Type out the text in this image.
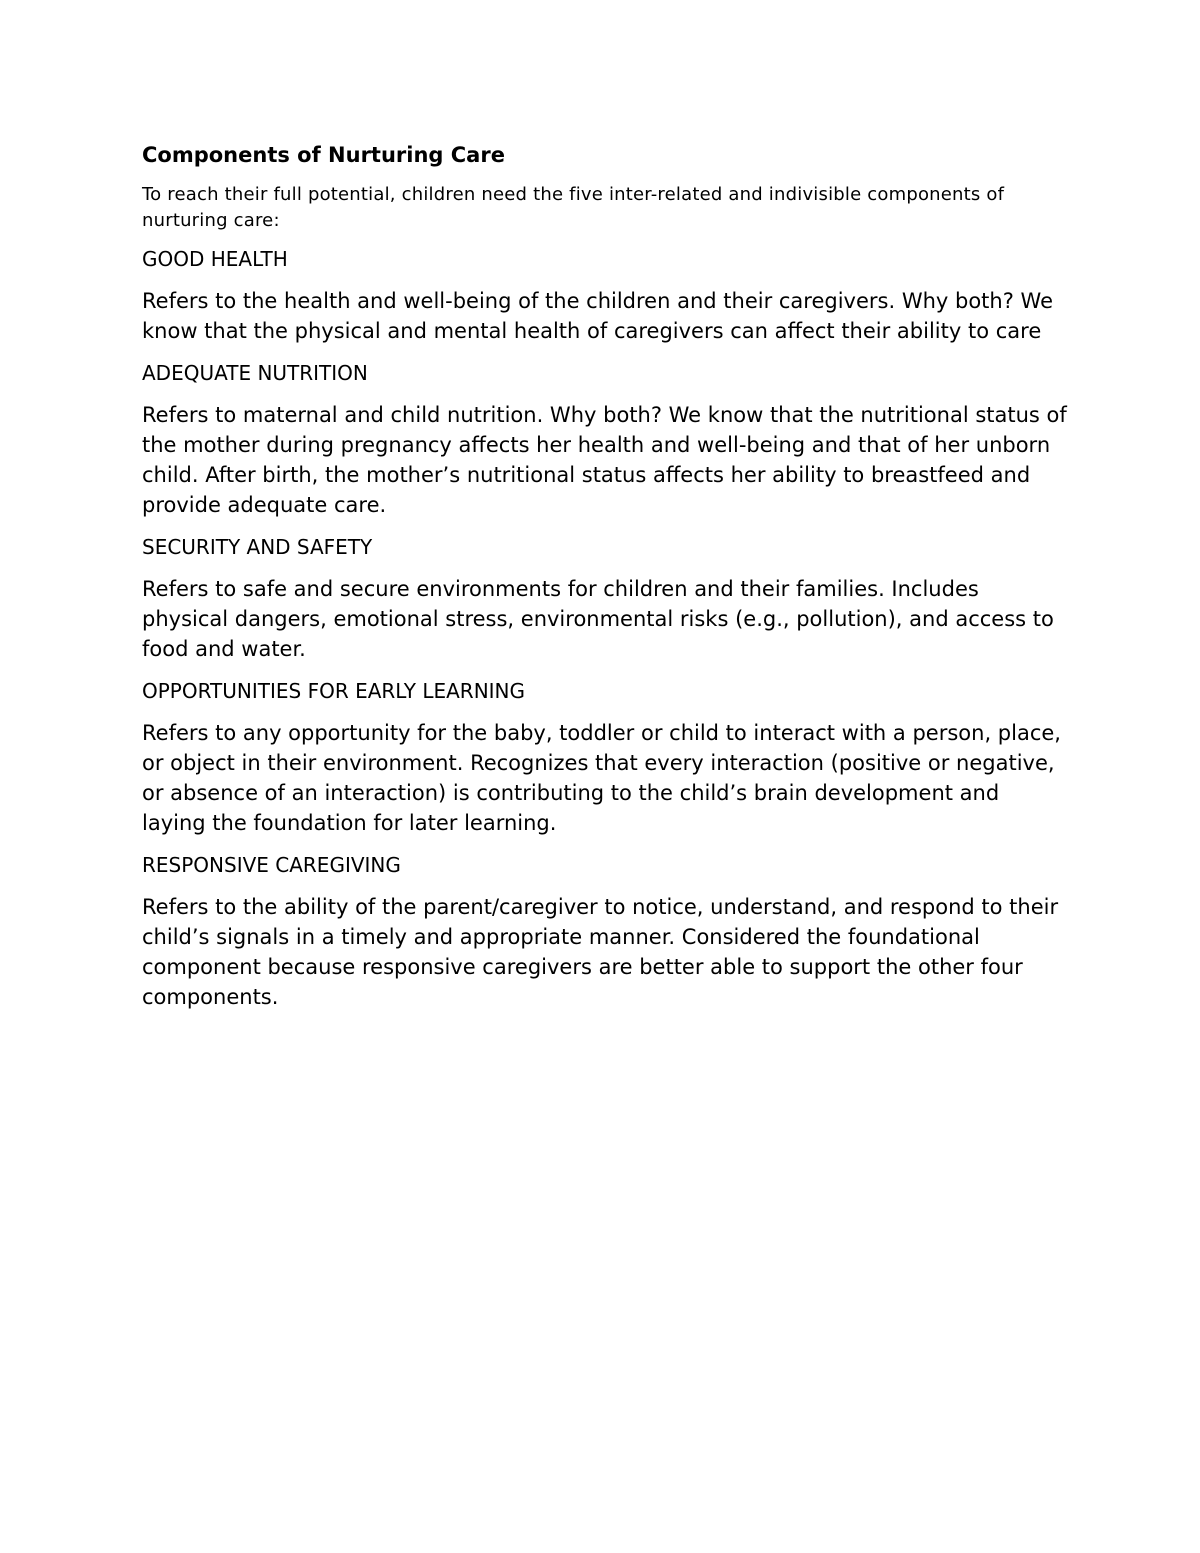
Components of Nurturing Care
To reach their full potential, children need the five inter-related and indivisible components of nurturing care:
GOOD HEALTH
Refers to the health and well-being of the children and their caregivers. Why both? We know that the physical and mental health of caregivers can affect their ability to care
ADEQUATE NUTRITION
Refers to maternal and child nutrition. Why both? We know that the nutritional status of the mother during pregnancy affects her health and well-being and that of her unborn child. After birth, the mother’s nutritional status affects her ability to breastfeed and provide adequate care.
SECURITY AND SAFETY
Refers to safe and secure environments for children and their families. Includes physical dangers, emotional stress, environmental risks (e.g., pollution), and access to food and water.
OPPORTUNITIES FOR EARLY LEARNING
Refers to any opportunity for the baby, toddler or child to interact with a person, place, or object in their environment. Recognizes that every interaction (positive or negative, or absence of an interaction) is contributing to the child’s brain development and laying the foundation for later learning.
RESPONSIVE CAREGIVING
Refers to the ability of the parent/caregiver to notice, understand, and respond to their child’s signals in a timely and appropriate manner. Considered the foundational component because responsive caregivers are better able to support the other four components.
